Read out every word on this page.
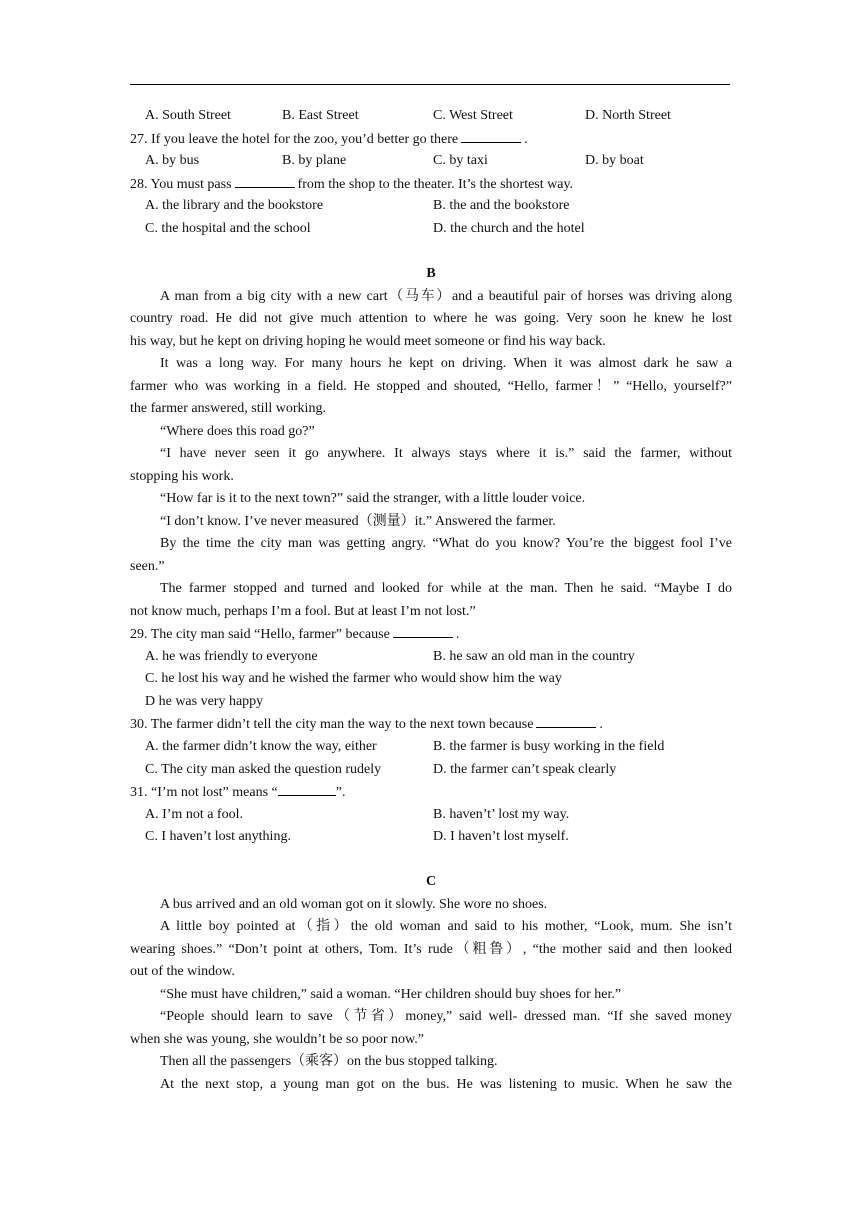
A. South Street	B. East Street	C. West Street	D. North Street
27. If you leave the hotel for the zoo, you’d better go there	.
A. by bus	B. by plane	C. by taxi	D. by boat
28. You must pass	from the shop to the theater. It’s the shortest way.
A. the library and the bookstore	B. the and the bookstore
C. the hospital and the school	D. the church and the hotel
B
A man from a big city with a new cart（马车）and a beautiful pair of horses was driving along
country road. He did not give much attention to where he was going. Very soon he knew he lost
his way, but he kept on driving hoping he would meet someone or find his way back.
It was a long way. For many hours he kept on driving. When it was almost dark he saw a
farmer who was working in a field. He stopped and shouted, “Hello, farmer！” “Hello, yourself?”
the farmer answered, still working.
“Where does this road go?”
“I have never seen it go anywhere. It always stays where it is.” said the farmer, without
stopping his work.
“How far is it to the next town?” said the stranger, with a little louder voice.
“I don’t know. I’ve never measured（测量）it.” Answered the farmer.
By the time the city man was getting angry. “What do you know? You’re the biggest fool I’ve
seen.”
The farmer stopped and turned and looked for while at the man. Then he said. “Maybe I do
not know much, perhaps I’m a fool. But at least I’m not lost.”
29. The city man said “Hello, farmer” because	.
A. he was friendly to everyone	B. he saw an old man in the country
C. he lost his way and he wished the farmer who would show him the way
D he was very happy
30. The farmer didn’t tell the city man the way to the next town because	.
A. the farmer didn’t know the way, either	B. the farmer is busy working in the field
C. The city man asked the question rudely	D. the farmer can’t speak clearly
31. “I’m not lost” means “	”.
A. I’m not a fool.	B. haven’t’ lost my way.
C. I haven’t lost anything.	D. I haven’t lost myself.
C
A bus arrived and an old woman got on it slowly. She wore no shoes.
A little boy pointed at（指）the old woman and said to his mother, “Look, mum. She isn’t
wearing shoes.” “Don’t point at others, Tom. It’s rude（粗鲁）, “the mother said and then looked
out of the window.
“She must have children,” said a woman. “Her children should buy shoes for her.”
“People should learn to save（节省）money,” said well- dressed man. “If she saved money
when she was young, she wouldn’t be so poor now.”
Then all the passengers（乘客）on the bus stopped talking.
At the next stop, a young man got on the bus. He was listening to music. When he saw the
